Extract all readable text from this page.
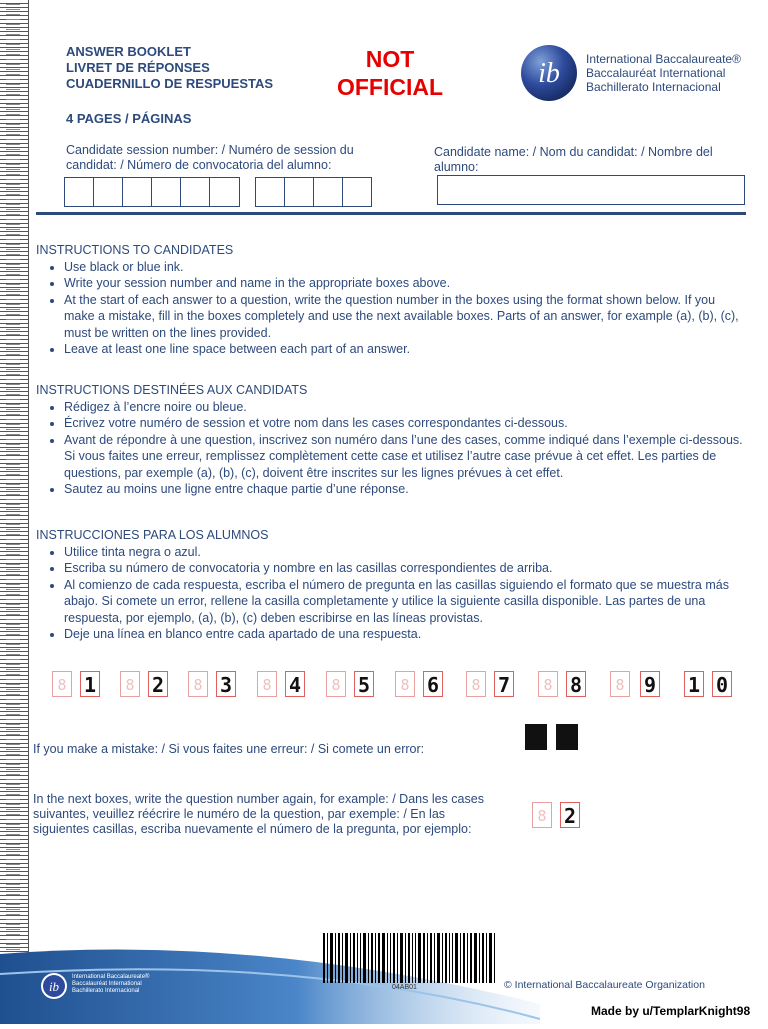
ANSWER BOOKLET
LIVRET DE RÉPONSES
CUADERNILLO DE RESPUESTAS
4 PAGES / PÁGINAS
NOT
OFFICIAL	ib International Baccalaureate®
Baccalauréat International
Bachillerato Internacional
Candidate session number: / Numéro de session du candidat: / Número de convocatoria del alumno:
Candidate name: / Nom du candidat: / Nombre del alumno:
INSTRUCTIONS TO CANDIDATES
• Use black or blue ink.
• Write your session number and name in the appropriate boxes above.
• At the start of each answer to a question, write the question number in the boxes using the format shown below. If you make a mistake, fill in the boxes completely and use the next available boxes. Parts of an answer, for example (a), (b), (c), must be written on the lines provided.
• Leave at least one line space between each part of an answer.
INSTRUCTIONS DESTINÉES AUX CANDIDATS
• Rédigez à l’encre noire ou bleue.
• Écrivez votre numéro de session et votre nom dans les cases correspondantes ci-dessous.
• Avant de répondre à une question, inscrivez son numéro dans l’une des cases, comme indiqué dans l’exemple ci-dessous. Si vous faites une erreur, remplissez complètement cette case et utilisez l’autre case prévue à cet effet. Les parties de questions, par exemple (a), (b), (c), doivent être inscrites sur les lignes prévues à cet effet.
• Sautez au moins une ligne entre chaque partie d’une réponse.
INSTRUCCIONES PARA LOS ALUMNOS
• Utilice tinta negra o azul.
• Escriba su número de convocatoria y nombre en las casillas correspondientes de arriba.
• Al comienzo de cada respuesta, escriba el número de pregunta en las casillas siguiendo el formato que se muestra más abajo. Si comete un error, rellene la casilla completamente y utilice la siguiente casilla disponible. Las partes de una respuesta, por ejemplo, (a), (b), (c) deben escribirse en las líneas provistas.
• Deje una línea en blanco entre cada apartado de una respuesta.
8 1	8 2	8 3	8 4	8 5	8 6	8 7	8 8	8 9 1 0
If you make a mistake: / Si vous faites une erreur: / Si comete un error:
In the next boxes, write the question number again, for example: / Dans les cases suivantes, veuillez réécrire le numéro de la question, par exemple: / En las siguientes casillas, escriba nuevamente el número de la pregunta, por ejemplo:
8 2
ib
International Baccalaureate®
Baccalauréat International
Bachillerato Internacional	04AB01	© International Baccalaureate Organization
Made by u/TemplarKnight98
